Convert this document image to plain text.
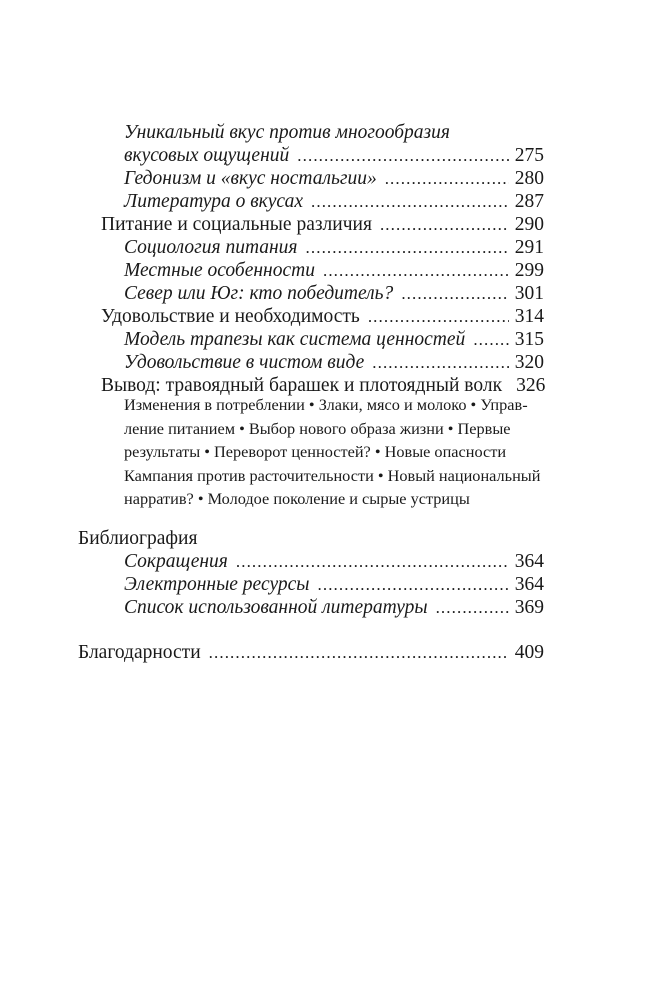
Уникальный вкус против многообразия
вкусовых ощущений .....	275
Гедонизм и «вкус ностальгии» .....	280
Литература о вкусах .....	287
Питание и социальные различия .....	290
Социология питания .....	291
Местные особенности .....	299
Север или Юг: кто победитель? .....	301
Удовольствие и необходимость .....	314
Модель трапезы как система ценностей .....	315
Удовольствие в чистом виде .....	320
Вывод: травоядный барашек и плотоядный волк 326
Изменения в потреблении • Злаки, мясо и молоко • Управ-
ление питанием • Выбор нового образа жизни • Первые
результаты • Переворот ценностей? • Новые опасности
Кампания против расточительности • Новый национальный
нарратив? • Молодое поколение и сырые устрицы
Библиография
Сокращения .....	364
Электронные ресурсы .....	364
Список использованной литературы .....	369
Благодарности .....	409
